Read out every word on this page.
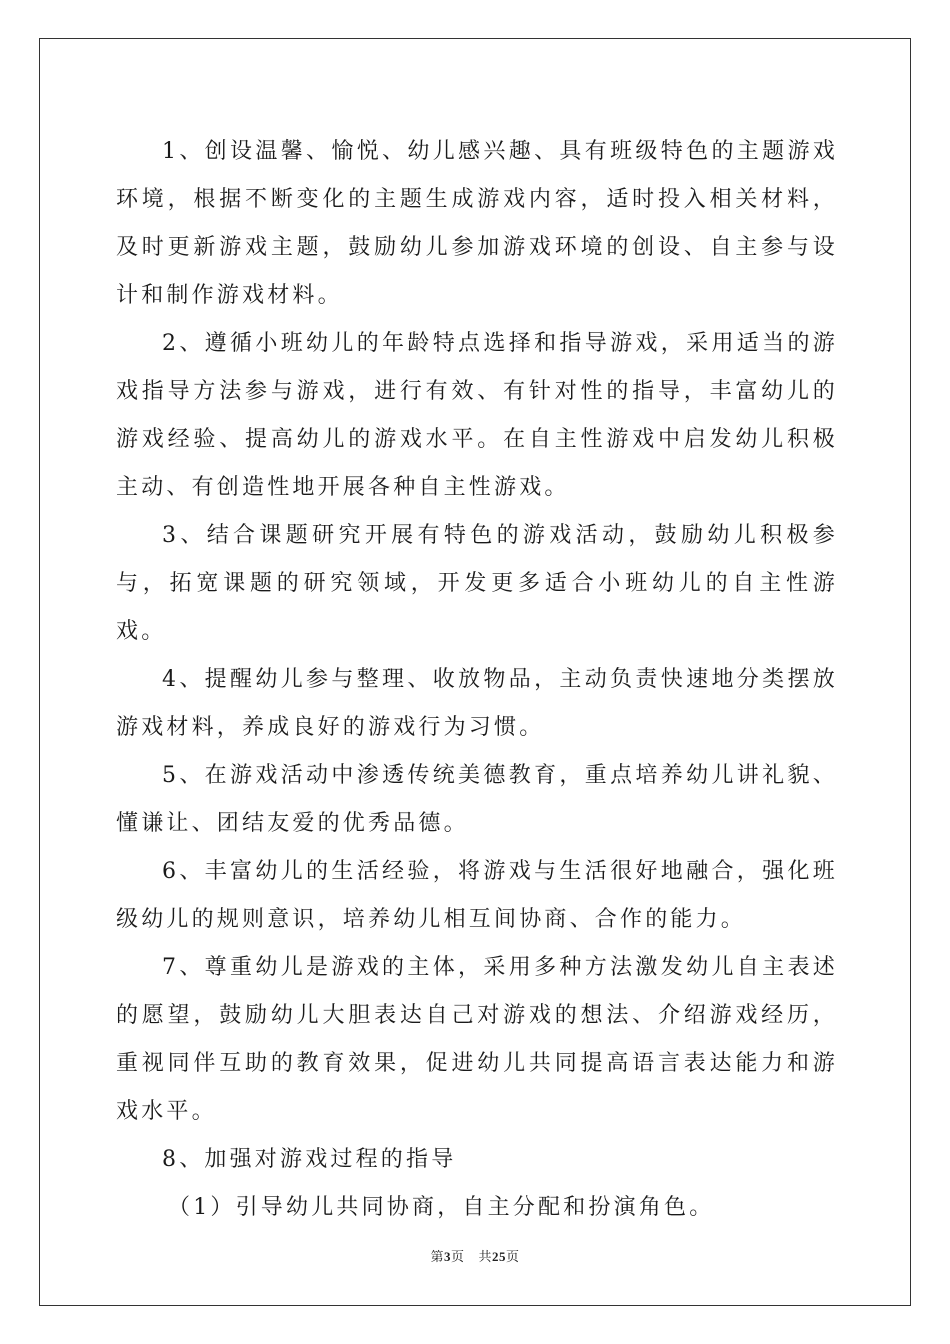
1、创设温馨、愉悦、幼儿感兴趣、具有班级特色的主题游戏环境，根据不断变化的主题生成游戏内容，适时投入相关材料，及时更新游戏主题，鼓励幼儿参加游戏环境的创设、自主参与设计和制作游戏材料。

2、遵循小班幼儿的年龄特点选择和指导游戏，采用适当的游戏指导方法参与游戏，进行有效、有针对性的指导，丰富幼儿的游戏经验、提高幼儿的游戏水平。在自主性游戏中启发幼儿积极主动、有创造性地开展各种自主性游戏。

3、结合课题研究开展有特色的游戏活动，鼓励幼儿积极参与，拓宽课题的研究领域，开发更多适合小班幼儿的自主性游戏。

4、提醒幼儿参与整理、收放物品，主动负责快速地分类摆放游戏材料，养成良好的游戏行为习惯。

5、在游戏活动中渗透传统美德教育，重点培养幼儿讲礼貌、懂谦让、团结友爱的优秀品德。

6、丰富幼儿的生活经验，将游戏与生活很好地融合，强化班级幼儿的规则意识，培养幼儿相互间协商、合作的能力。

7、尊重幼儿是游戏的主体，采用多种方法激发幼儿自主表述的愿望，鼓励幼儿大胆表达自己对游戏的想法、介绍游戏经历，重视同伴互助的教育效果，促进幼儿共同提高语言表达能力和游戏水平。

8、加强对游戏过程的指导

（1）引导幼儿共同协商，自主分配和扮演角色。

第3页 共25页
